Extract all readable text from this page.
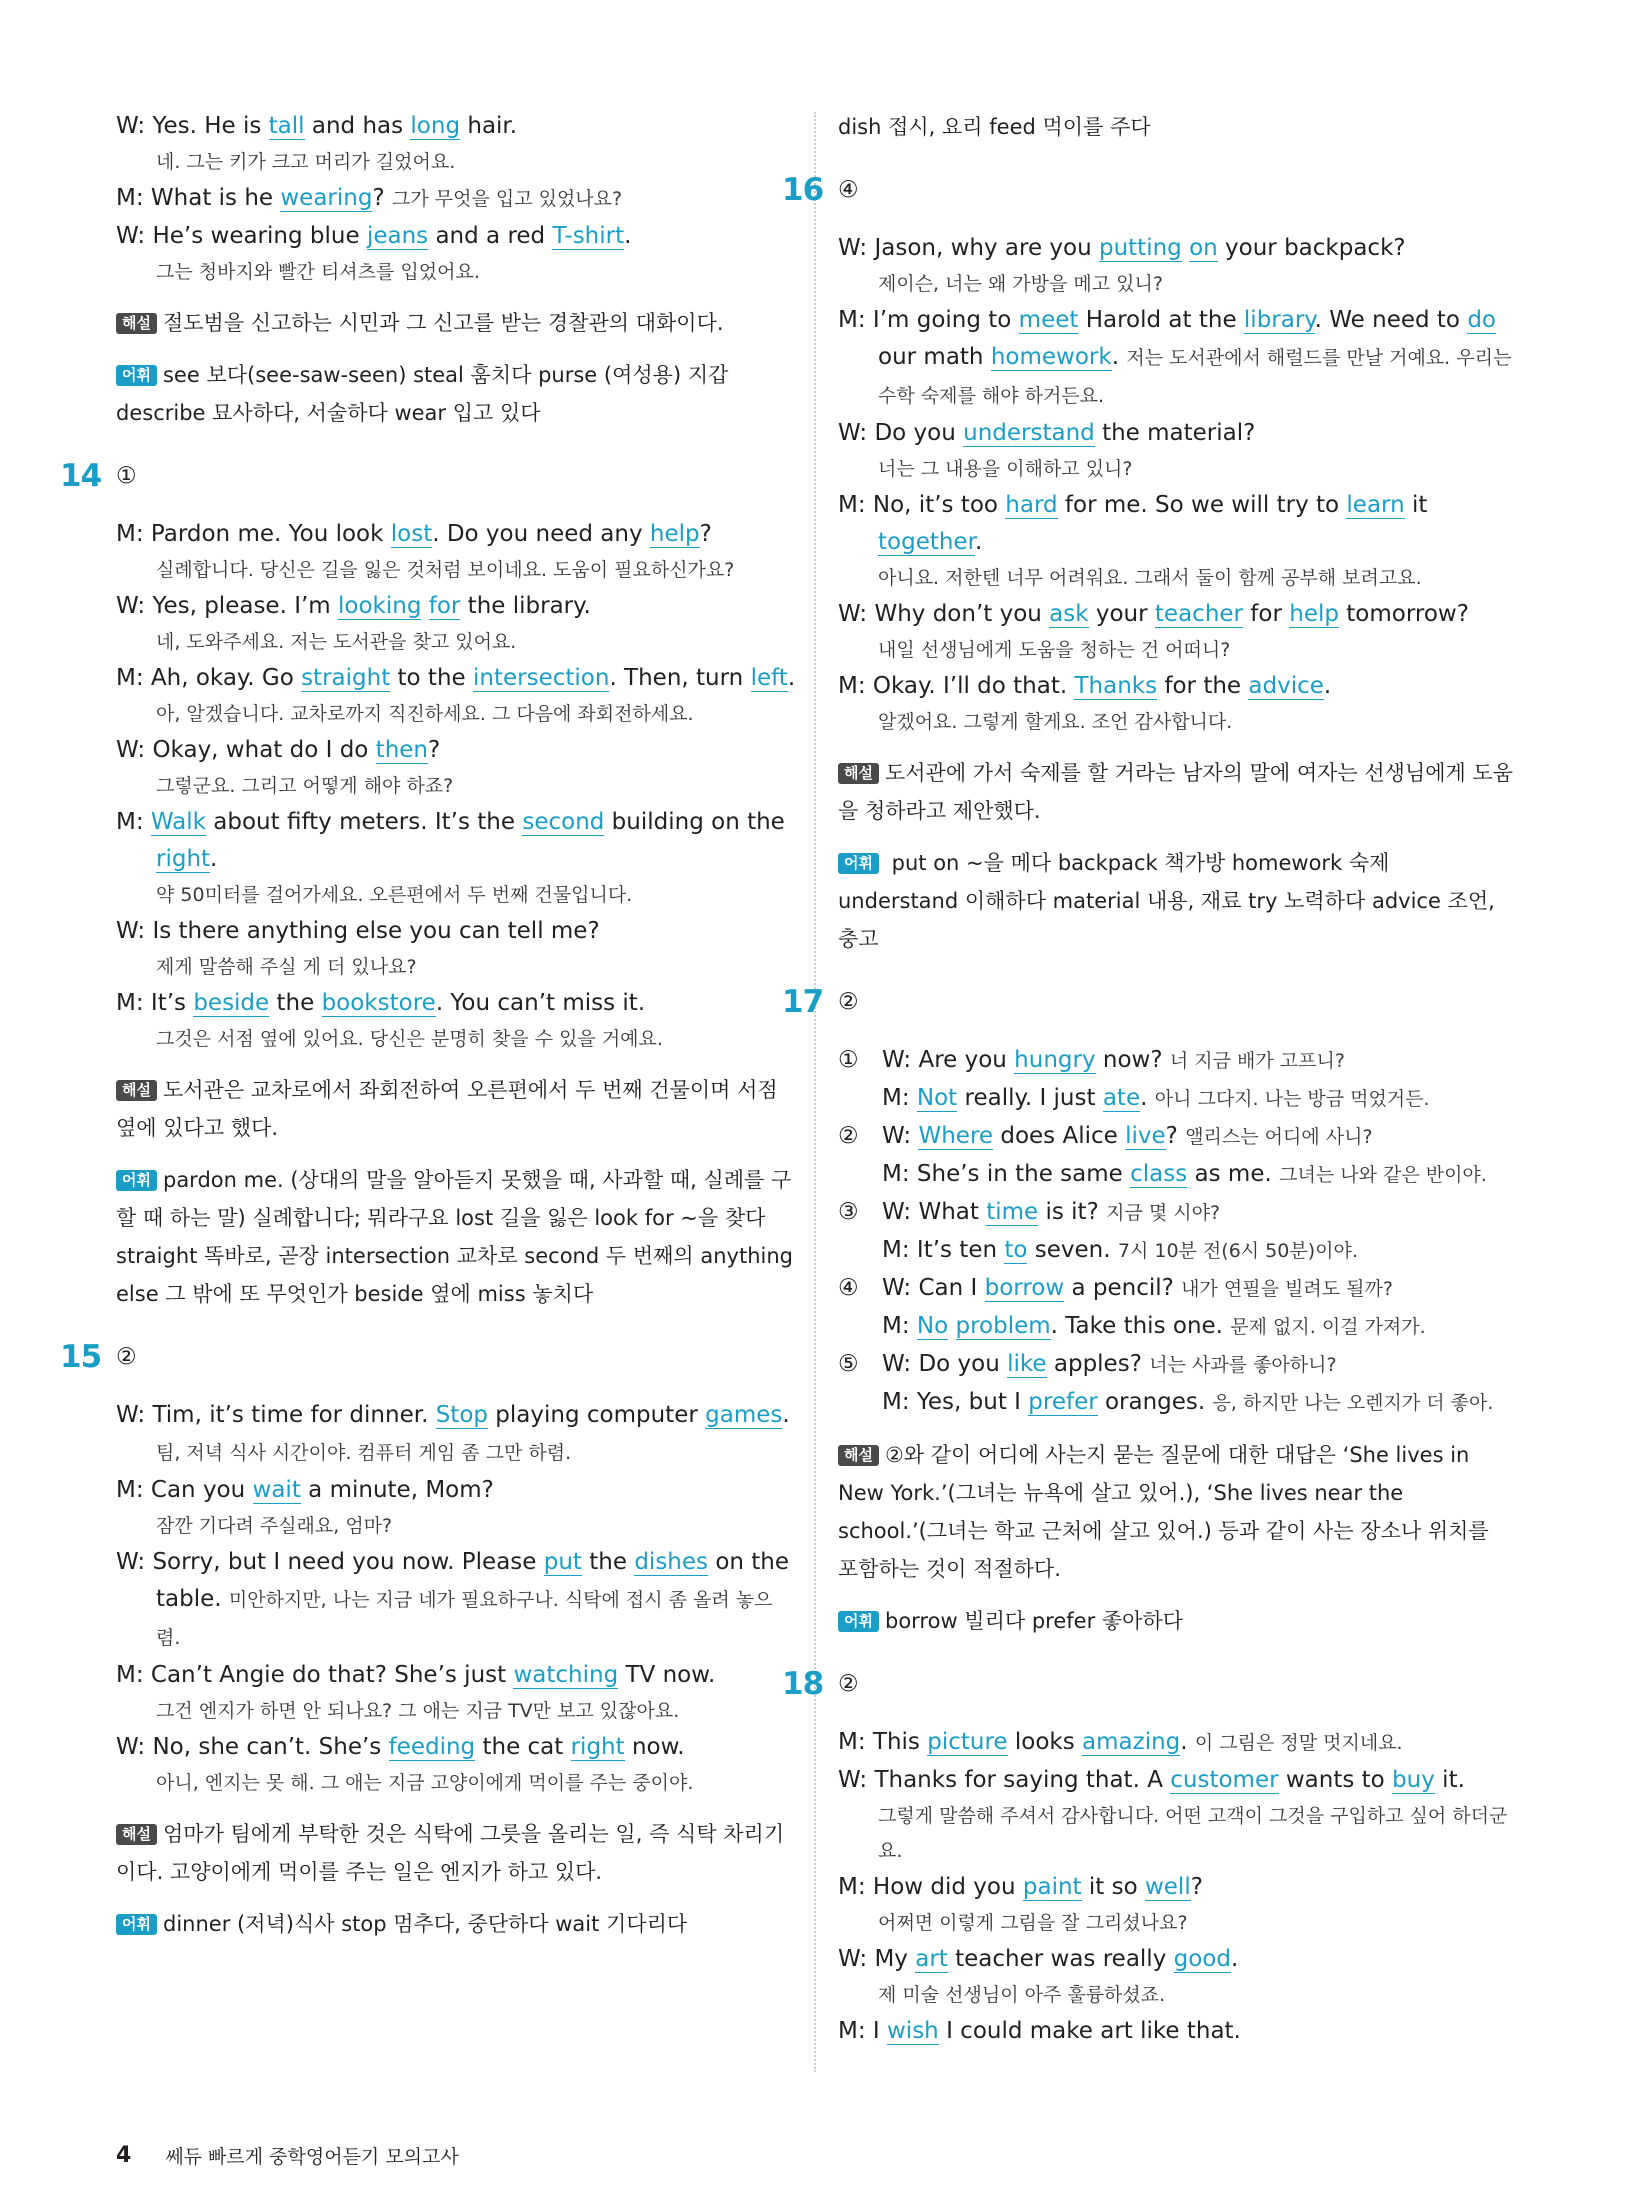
W: Yes. He is tall and has long hair.
네. 그는 키가 크고 머리가 길었어요.
M: What is he wearing? 그가 무엇을 입고 있었나요?
W: He’s wearing blue jeans and a red T-shirt.
그는 청바지와 빨간 티셔츠를 입었어요.
해설 절도범을 신고하는 시민과 그 신고를 받는 경찰관의 대화이다.
어휘 see 보다(see-saw-seen) steal 훔치다 purse (여성용) 지갑 describe 묘사하다, 서술하다 wear 입고 있다
14 ①
M: Pardon me. You look lost. Do you need any help?
실례합니다. 당신은 길을 잃은 것처럼 보이네요. 도움이 필요하신가요?
W: Yes, please. I’m looking for the library.
네, 도와주세요. 저는 도서관을 찾고 있어요.
M: Ah, okay. Go straight to the intersection. Then, turn left.
아, 알겠습니다. 교차로까지 직진하세요. 그 다음에 좌회전하세요.
W: Okay, what do I do then?
그렇군요. 그리고 어떻게 해야 하죠?
M: Walk about fifty meters. It’s the second building on the right.
약 50미터를 걸어가세요. 오른편에서 두 번째 건물입니다.
W: Is there anything else you can tell me?
제게 말씀해 주실 게 더 있나요?
M: It’s beside the bookstore. You can’t miss it.
그것은 서점 옆에 있어요. 당신은 분명히 찾을 수 있을 거예요.
해설 도서관은 교차로에서 좌회전하여 오른편에서 두 번째 건물이며 서점 옆에 있다고 했다.
어휘 pardon me. (상대의 말을 알아듣지 못했을 때, 사과할 때, 실례를 구할 때 하는 말) 실례합니다; 뭐라구요 lost 길을 잃은 look for ~을 찾다 straight 똑바로, 곧장 intersection 교차로 second 두 번째의 anything else 그 밖에 또 무엇인가 beside 옆에 miss 놓치다
15 ②
W: Tim, it’s time for dinner. Stop playing computer games. 팀, 저녁 식사 시간이야. 컴퓨터 게임 좀 그만 하렴.
M: Can you wait a minute, Mom?
잠깐 기다려 주실래요, 엄마?
W: Sorry, but I need you now. Please put the dishes on the table. 미안하지만, 나는 지금 네가 필요하구나. 식탁에 접시 좀 올려 놓으렴.
M: Can’t Angie do that? She’s just watching TV now.
그건 엔지가 하면 안 되나요? 그 애는 지금 TV만 보고 있잖아요.
W: No, she can’t. She’s feeding the cat right now.
아니, 엔지는 못 해. 그 애는 지금 고양이에게 먹이를 주는 중이야.
해설 엄마가 팀에게 부탁한 것은 식탁에 그릇을 올리는 일, 즉 식탁 차리기이다. 고양이에게 먹이를 주는 일은 엔지가 하고 있다.
어휘 dinner (저녁)식사 stop 멈추다, 중단하다 wait 기다리다
dish 접시, 요리 feed 먹이를 주다
16 ④
W: Jason, why are you putting on your backpack?
제이슨, 너는 왜 가방을 메고 있니?
M: I’m going to meet Harold at the library. We need to do our math homework. 저는 도서관에서 해럴드를 만날 거예요. 우리는 수학 숙제를 해야 하거든요.
W: Do you understand the material?
너는 그 내용을 이해하고 있니?
M: No, it’s too hard for me. So we will try to learn it together.
아니요. 저한텐 너무 어려워요. 그래서 둘이 함께 공부해 보려고요.
W: Why don’t you ask your teacher for help tomorrow?
내일 선생님에게 도움을 청하는 건 어떠니?
M: Okay. I’ll do that. Thanks for the advice.
알겠어요. 그렇게 할게요. 조언 감사합니다.
해설 도서관에 가서 숙제를 할 거라는 남자의 말에 여자는 선생님에게 도움을 청하라고 제안했다.
어휘 put on ~을 메다 backpack 책가방 homework 숙제 understand 이해하다 material 내용, 재료 try 노력하다 advice 조언, 충고
17 ②
① W: Are you hungry now? 너 지금 배가 고프니?
M: Not really. I just ate. 아니 그다지. 나는 방금 먹었거든.
② W: Where does Alice live? 앨리스는 어디에 사니?
M: She’s in the same class as me. 그녀는 나와 같은 반이야.
③ W: What time is it? 지금 몇 시야?
M: It’s ten to seven. 7시 10분 전(6시 50분)이야.
④ W: Can I borrow a pencil? 내가 연필을 빌려도 될까?
M: No problem. Take this one. 문제 없지. 이걸 가져가.
⑤ W: Do you like apples? 너는 사과를 좋아하니?
M: Yes, but I prefer oranges. 응, 하지만 나는 오렌지가 더 좋아.
해설 ②와 같이 어디에 사는지 묻는 질문에 대한 대답은 ‘She lives in New York.’(그녀는 뉴욕에 살고 있어.), ‘She lives near the school.’(그녀는 학교 근처에 살고 있어.) 등과 같이 사는 장소나 위치를 포함하는 것이 적절하다.
어휘 borrow 빌리다 prefer 좋아하다
18 ②
M: This picture looks amazing. 이 그림은 정말 멋지네요.
W: Thanks for saying that. A customer wants to buy it.
그렇게 말씀해 주셔서 감사합니다. 어떤 고객이 그것을 구입하고 싶어 하더군요.
M: How did you paint it so well?
어쩌면 이렇게 그림을 잘 그리셨나요?
W: My art teacher was really good.
제 미술 선생님이 아주 훌륭하셨죠.
M: I wish I could make art like that.
4 쎄듀 빠르게 중학영어듣기 모의고사
